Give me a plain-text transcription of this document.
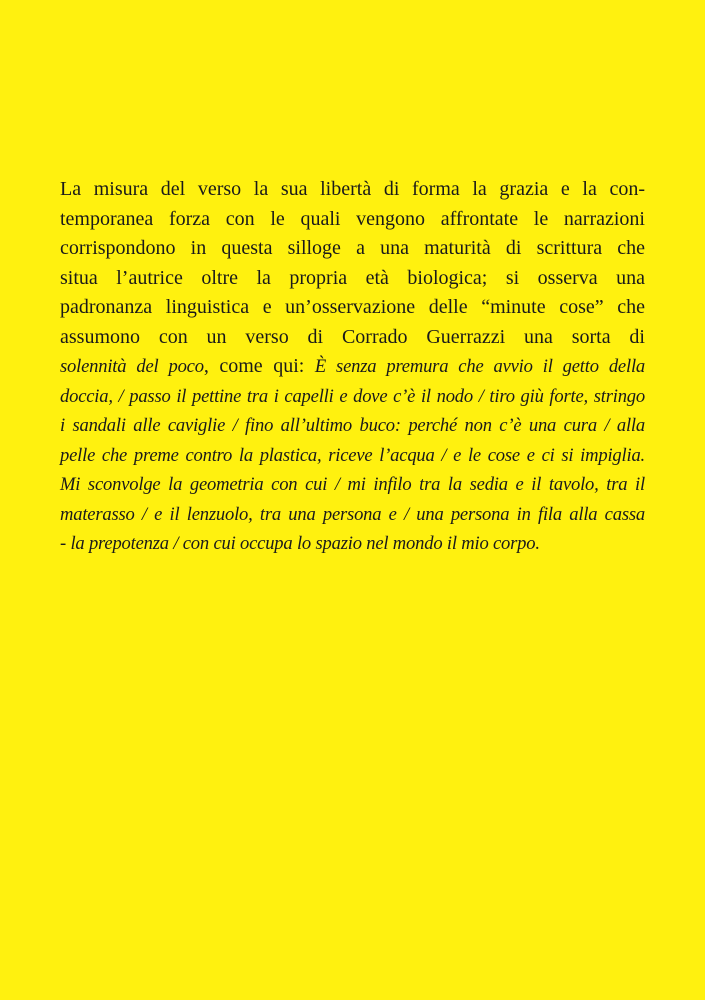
La misura del verso la sua libertà di forma la grazia e la con-
temporanea forza con le quali vengono affrontate le narrazioni
corrispondono in questa silloge a una maturità di scrittura che
situa l’autrice oltre la propria età biologica; si osserva una
padronanza linguistica e un’osservazione delle “minute cose” che
assumono con un verso di Corrado Guerrazzi una sorta di
solennità del poco, come qui: È senza premura che avvio il getto della
doccia, / passo il pettine tra i capelli e dove c’è il nodo / tiro giù forte, stringo
i sandali alle caviglie / fino all’ultimo buco: perché non c’è una cura / alla
pelle che preme contro la plastica, riceve l’acqua / e le cose e ci si impiglia.
Mi sconvolge la geometria con cui / mi infilo tra la sedia e il tavolo, tra il
materasso / e il lenzuolo, tra una persona e / una persona in fila alla cassa
- la prepotenza / con cui occupa lo spazio nel mondo il mio corpo.
